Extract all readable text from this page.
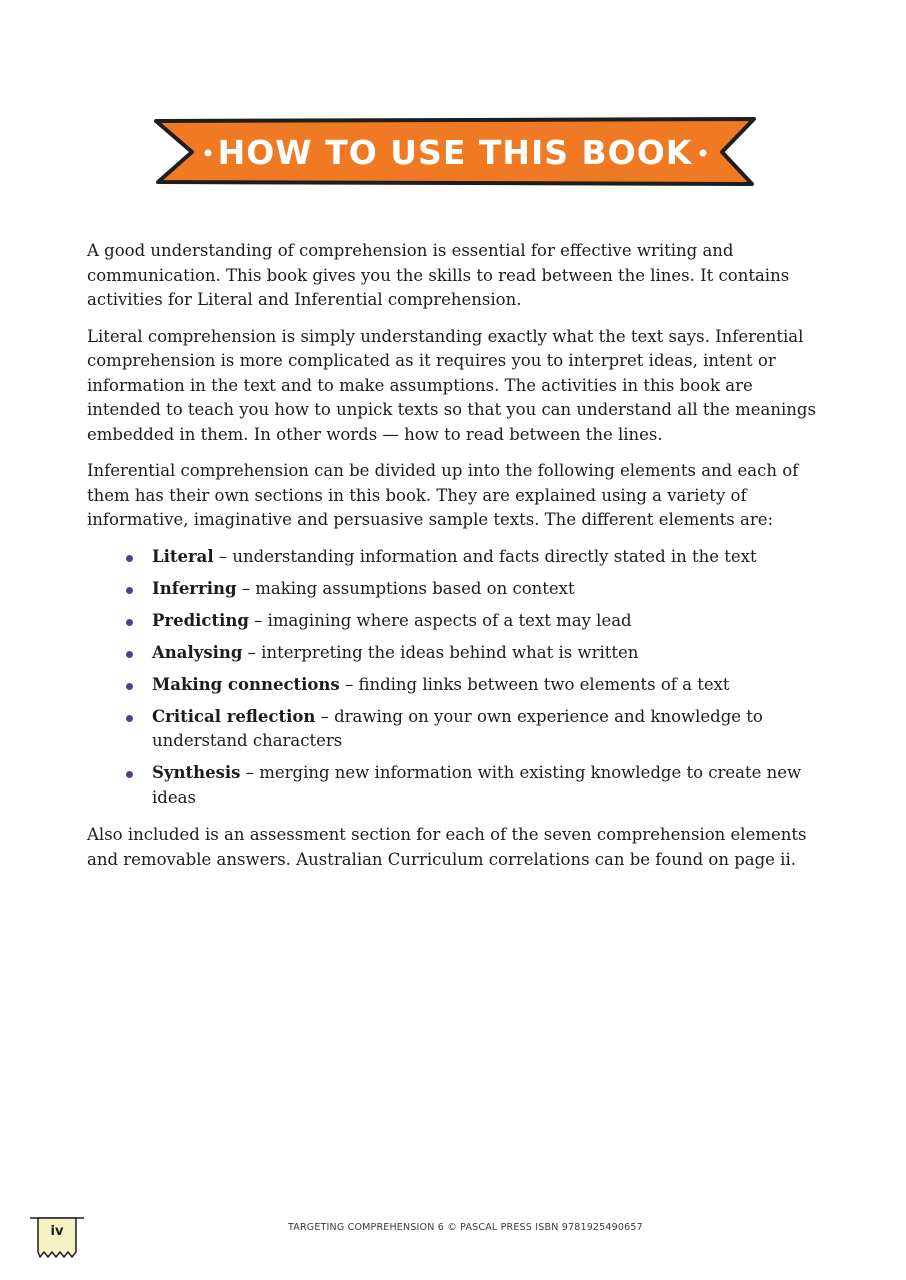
HOW TO USE THIS BOOK

A good understanding of comprehension is essential for effective writing and communication. This book gives you the skills to read between the lines. It contains activities for Literal and Inferential comprehension.

Literal comprehension is simply understanding exactly what the text says. Inferential comprehension is more complicated as it requires you to interpret ideas, intent or information in the text and to make assumptions. The activities in this book are intended to teach you how to unpick texts so that you can understand all the meanings embedded in them. In other words — how to read between the lines.

Inferential comprehension can be divided up into the following elements and each of them has their own sections in this book. They are explained using a variety of informative, imaginative and persuasive sample texts. The different elements are:

Literal – understanding information and facts directly stated in the text
Inferring – making assumptions based on context
Predicting – imagining where aspects of a text may lead
Analysing – interpreting the ideas behind what is written
Making connections – finding links between two elements of a text
Critical reflection – drawing on your own experience and knowledge to understand characters
Synthesis – merging new information with existing knowledge to create new ideas

Also included is an assessment section for each of the seven comprehension elements and removable answers. Australian Curriculum correlations can be found on page ii.

iv	TARGETING COMPREHENSION 6 © PASCAL PRESS ISBN 9781925490657
